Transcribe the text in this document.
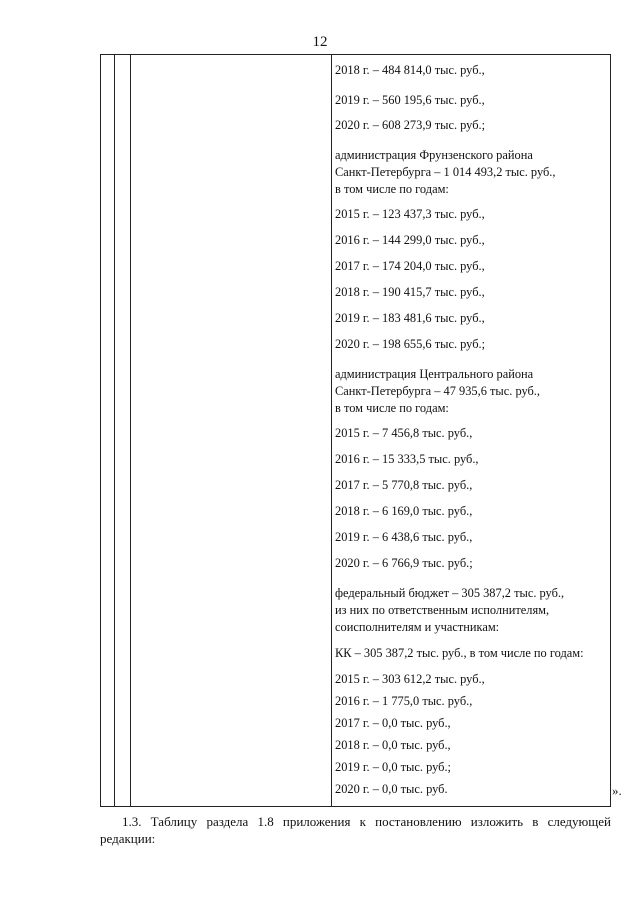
12
2018 г. – 484 814,0 тыс. руб.,
2019 г. – 560 195,6 тыс. руб.,
2020 г. – 608 273,9 тыс. руб.;
администрация Фрунзенского района
Санкт-Петербурга – 1 014 493,2 тыс. руб.,
в том числе по годам:
2015 г. – 123 437,3 тыс. руб.,
2016 г. – 144 299,0 тыс. руб.,
2017 г. – 174 204,0 тыс. руб.,
2018 г. – 190 415,7 тыс. руб.,
2019 г. – 183 481,6 тыс. руб.,
2020 г. – 198 655,6 тыс. руб.;
администрация Центрального района
Санкт-Петербурга – 47 935,6 тыс. руб.,
в том числе по годам:
2015 г. – 7 456,8 тыс. руб.,
2016 г. – 15 333,5 тыс. руб.,
2017 г. – 5 770,8 тыс. руб.,
2018 г. – 6 169,0 тыс. руб.,
2019 г. – 6 438,6 тыс. руб.,
2020 г. – 6 766,9 тыс. руб.;
федеральный бюджет – 305 387,2 тыс. руб.,
из них по ответственным исполнителям,
соисполнителям и участникам:
КК – 305 387,2 тыс. руб., в том числе по годам:
2015 г. – 303 612,2 тыс. руб.,
2016 г. – 1 775,0 тыс. руб.,
2017 г. – 0,0 тыс. руб.,
2018 г. – 0,0 тыс. руб.,
2019 г. – 0,0 тыс. руб.;
2020 г. – 0,0 тыс. руб.	».
1.3. Таблицу раздела 1.8 приложения к постановлению изложить в следующей
редакции:
